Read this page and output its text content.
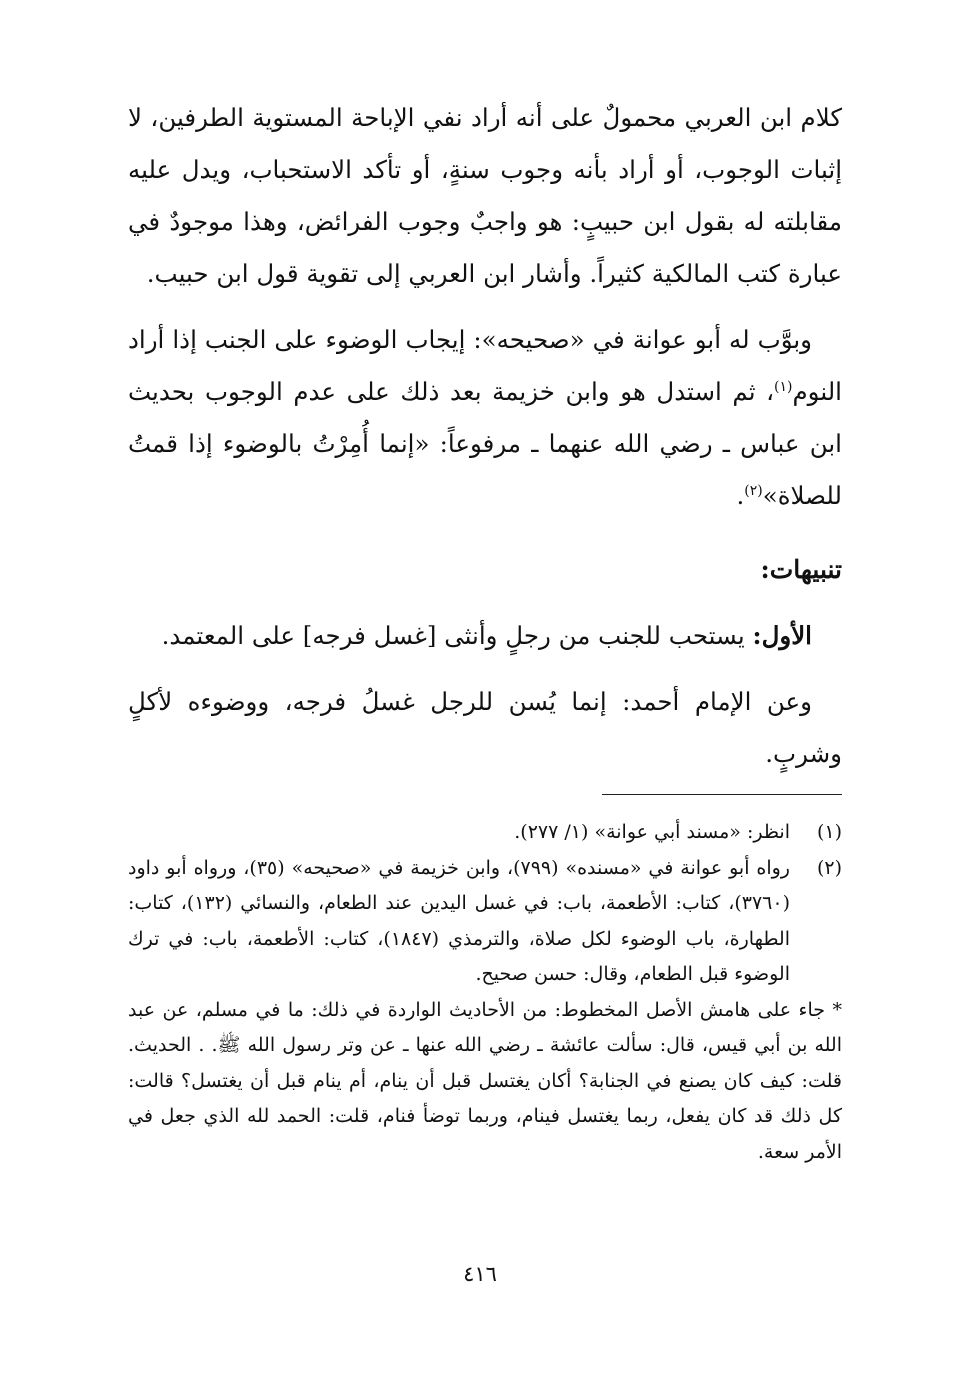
كلام ابن العربي محمولٌ على أنه أراد نفي الإباحة المستوية الطرفين، لا إثبات الوجوب، أو أراد بأنه وجوب سنةٍ، أو تأكد الاستحباب، ويدل عليه مقابلته له بقول ابن حبيبٍ: هو واجبٌ وجوب الفرائض، وهذا موجودٌ في عبارة كتب المالكية كثيراً. وأشار ابن العربي إلى تقوية قول ابن حبيب.

وبوَّب له أبو عوانة في «صحيحه»: إيجاب الوضوء على الجنب إذا أراد النوم$^{(١)}$، ثم استدل هو وابن خزيمة بعد ذلك على عدم الوجوب بحديث ابن عباس ـ رضي الله عنهما ـ مرفوعاً: «إنما أُمِرْتُ بالوضوء إذا قمتُ للصلاة»$^{(٢)}$.

تنبيهات:

الأول: يستحب للجنب من رجلٍ وأنثى [غسل فرجه] على المعتمد.

وعن الإمام أحمد: إنما يُسن للرجل غسلُ فرجه، ووضوءه لأكلٍ وشربٍ.

(١)
انظر: «مسند أبي عوانة» (١/ ٢٧٧).
(٢)
رواه أبو عوانة في «مسنده» (٧٩٩)، وابن خزيمة في «صحيحه» (٣٥)، ورواه أبو داود (٣٧٦٠)، كتاب: الأطعمة، باب: في غسل اليدين عند الطعام، والنسائي (١٣٢)، كتاب: الطهارة، باب الوضوء لكل صلاة، والترمذي (١٨٤٧)، كتاب: الأطعمة، باب: في ترك الوضوء قبل الطعام، وقال: حسن صحيح.
* جاء على هامش الأصل المخطوط: من الأحاديث الواردة في ذلك: ما في مسلم، عن عبد الله بن أبي قيس، قال: سألت عائشة ـ رضي الله عنها ـ عن وتر رسول الله ﷺ. . الحديث. قلت: كيف كان يصنع في الجنابة؟ أكان يغتسل قبل أن ينام، أم ينام قبل أن يغتسل؟ قالت: كل ذلك قد كان يفعل، ربما يغتسل فينام، وربما توضأ فنام، قلت: الحمد لله الذي جعل في الأمر سعة.
٤١٦
